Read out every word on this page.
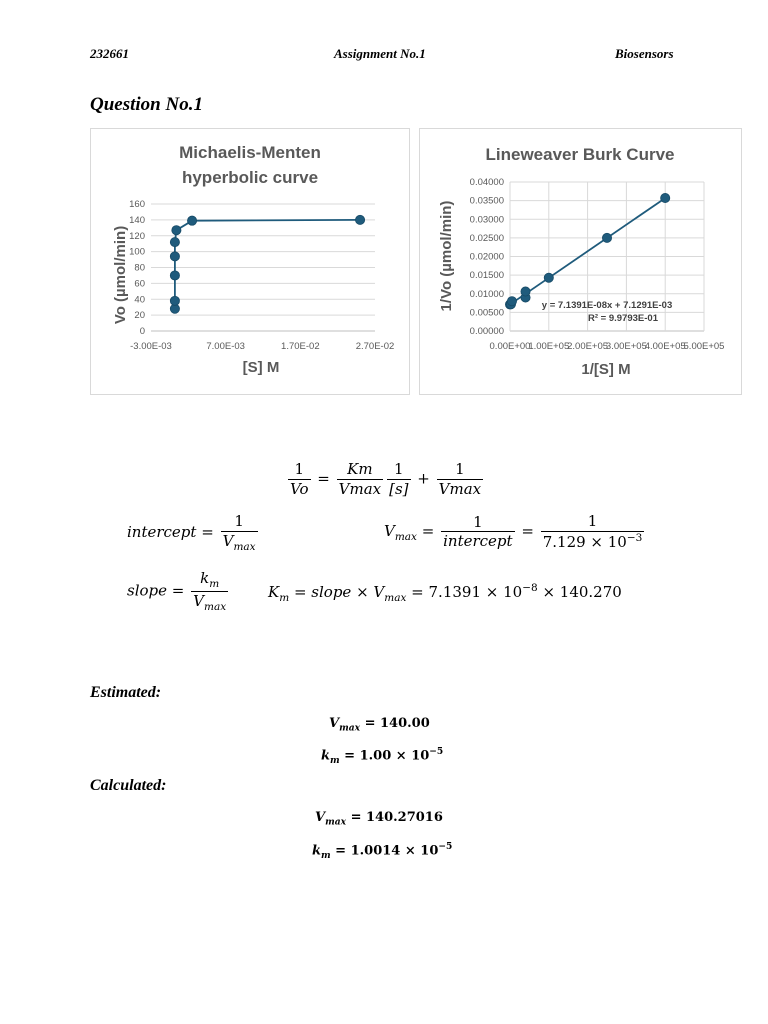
232661	Assignment No.1	Biosensors
Question No.1
Michaelis-Menten
hyperbolic curve
0
20
40
60
80
100
120
140
160
-3.00E-03	7.00E-03	1.70E-02	2.70E-02
[S] M
Vo (µmol/min)
Lineweaver Burk Curve
0.00000
0.00500
0.01000
0.01500
0.02000
0.02500
0.03000
0.03500
0.04000
0.00E+00
1.00E+05
2.00E+05
3.00E+05
4.00E+05
5.00E+05
y = 7.1391E-08x + 7.1291E-03
R² = 9.9793E-01
1/[S] M
1/Vo (µmol/min)
$\frac{1}{Vo} = \frac{Km}{Vmax} \frac{1}{[s]} + \frac{1}{Vmax}$
intercept = $\frac{1}{V_{max}}$	$V_{max} = \frac{1}{\text{intercept}} = \frac{1}{7.129 \times 10^{-3}}$
slope = $\frac{k_m}{V_{max}}$	$K_m$ = slope × $V_{max} = 7.1391 \times 10^{-8} \times 140.270$
Estimated:
$V_{max} = 140.00$
$k_m = 1.00 \times 10^{-5}$
Calculated:
$V_{max} = 140.27016$
$k_m = 1.0014 \times 10^{-5}$
